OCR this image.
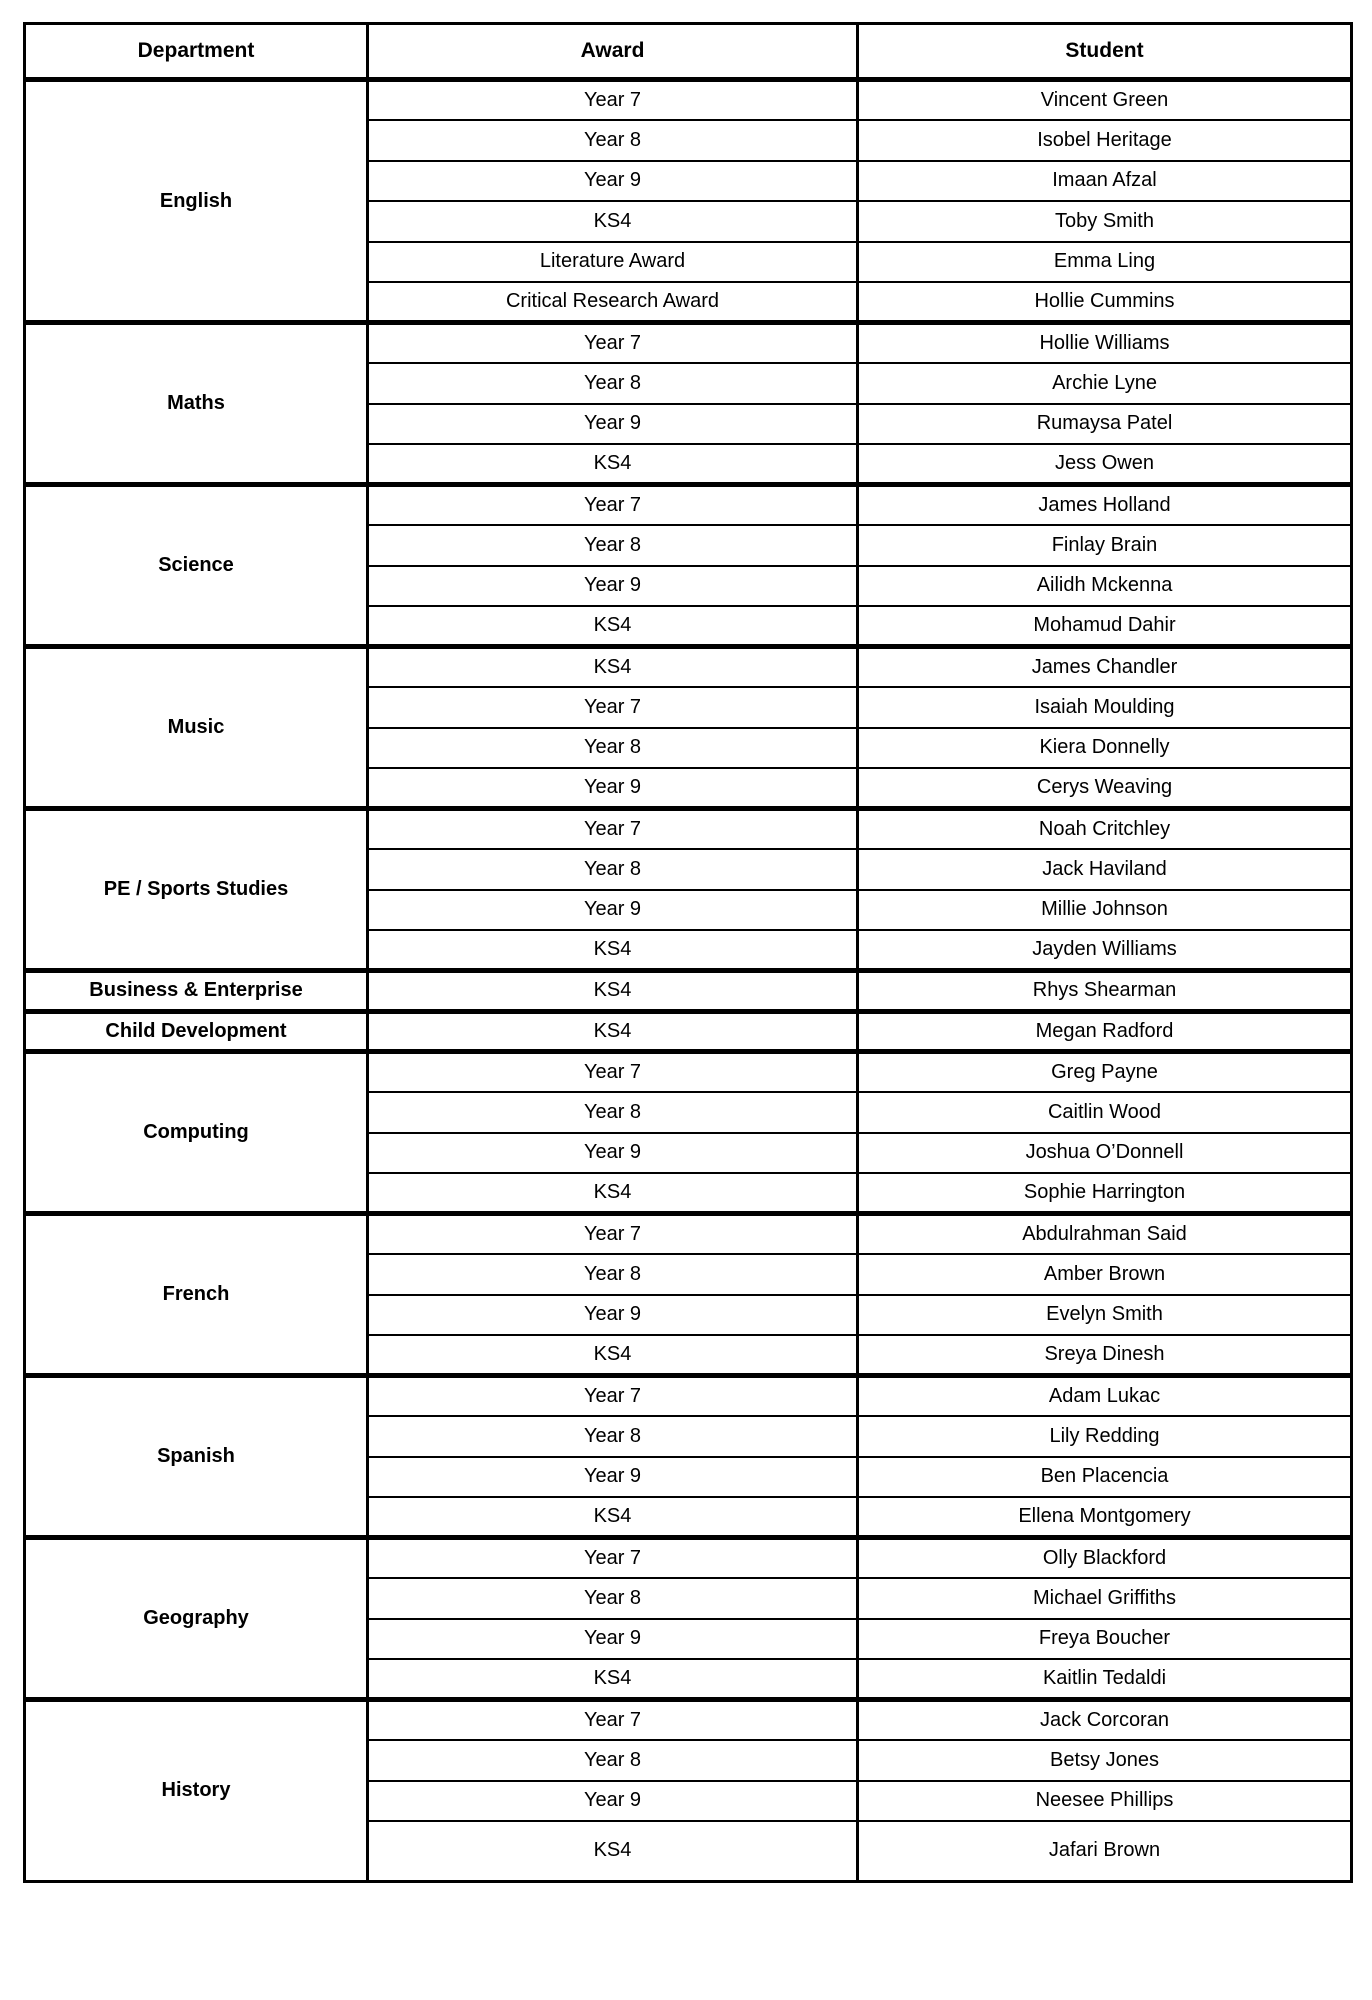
Department	Award	Student
English	Year 7	Vincent Green
	Year 8	Isobel Heritage
	Year 9	Imaan Afzal
	KS4	Toby Smith
	Literature Award	Emma Ling
	Critical Research Award	Hollie Cummins
Maths	Year 7	Hollie Williams
	Year 8	Archie Lyne
	Year 9	Rumaysa Patel
	KS4	Jess Owen
Science	Year 7	James Holland
	Year 8	Finlay Brain
	Year 9	Ailidh Mckenna
	KS4	Mohamud Dahir
Music	KS4	James Chandler
	Year 7	Isaiah Moulding
	Year 8	Kiera Donnelly
	Year 9	Cerys Weaving
PE / Sports Studies	Year 7	Noah Critchley
	Year 8	Jack Haviland
	Year 9	Millie Johnson
	KS4	Jayden Williams
Business & Enterprise	KS4	Rhys Shearman
Child Development	KS4	Megan Radford
Computing	Year 7	Greg Payne
	Year 8	Caitlin Wood
	Year 9	Joshua O’Donnell
	KS4	Sophie Harrington
French	Year 7	Abdulrahman Said
	Year 8	Amber Brown
	Year 9	Evelyn Smith
	KS4	Sreya Dinesh
Spanish	Year 7	Adam Lukac
	Year 8	Lily Redding
	Year 9	Ben Placencia
	KS4	Ellena Montgomery
Geography	Year 7	Olly Blackford
	Year 8	Michael Griffiths
	Year 9	Freya Boucher
	KS4	Kaitlin Tedaldi
History	Year 7	Jack Corcoran
	Year 8	Betsy Jones
	Year 9	Neesee Phillips
	KS4	Jafari Brown
